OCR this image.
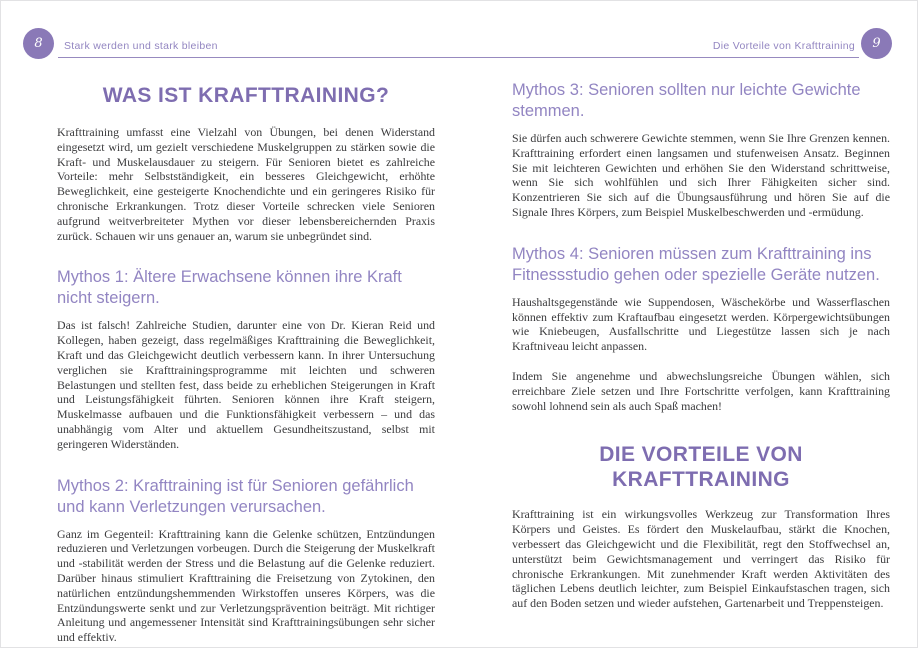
8 Stark werden und stark bleiben	Die Vorteile von Krafttraining 9
WAS IST KRAFTTRAINING?

Krafttraining umfasst eine Vielzahl von Übungen, bei denen Widerstand eingesetzt wird, um gezielt verschiedene Muskelgruppen zu stärken sowie die Kraft- und Muskelausdauer zu steigern. Für Senioren bietet es zahlreiche Vorteile: mehr Selbstständigkeit, ein besseres Gleichgewicht, erhöhte Beweglichkeit, eine gesteigerte Knochendichte und ein geringeres Risiko für chronische Erkrankungen. Trotz dieser Vorteile schrecken viele Senioren aufgrund weitverbreiteter Mythen vor dieser lebensbereichernden Praxis zurück. Schauen wir uns genauer an, warum sie unbegründet sind.

Mythos 1: Ältere Erwachsene können ihre Kraft nicht steigern.

Das ist falsch! Zahlreiche Studien, darunter eine von Dr. Kieran Reid und Kollegen, haben gezeigt, dass regelmäßiges Krafttraining die Beweglichkeit, Kraft und das Gleichgewicht deutlich verbessern kann. In ihrer Untersuchung verglichen sie Krafttrainingsprogramme mit leichten und schweren Belastungen und stellten fest, dass beide zu erheblichen Steigerungen in Kraft und Leistungsfähigkeit führten. Senioren können ihre Kraft steigern, Muskelmasse aufbauen und die Funktionsfähigkeit verbessern – und das unabhängig vom Alter und aktuellem Gesundheitszustand, selbst mit geringeren Widerständen.

Mythos 2: Krafttraining ist für Senioren gefährlich und kann Verletzungen verursachen.

Ganz im Gegenteil: Krafttraining kann die Gelenke schützen, Entzündungen reduzieren und Verletzungen vorbeugen. Durch die Steigerung der Muskelkraft und -stabilität werden der Stress und die Belastung auf die Gelenke reduziert. Darüber hinaus stimuliert Krafttraining die Freisetzung von Zytokinen, den natürlichen entzündungshemmenden Wirkstoffen unseres Körpers, was die Entzündungswerte senkt und zur Verletzungsprävention beiträgt. Mit richtiger Anleitung und angemessener Intensität sind Krafttrainingsübungen sehr sicher und effektiv.

Mythos 3: Senioren sollten nur leichte Gewichte stemmen.

Sie dürfen auch schwerere Gewichte stemmen, wenn Sie Ihre Grenzen kennen. Krafttraining erfordert einen langsamen und stufenweisen Ansatz. Beginnen Sie mit leichteren Gewichten und erhöhen Sie den Widerstand schrittweise, wenn Sie sich wohlfühlen und sich Ihrer Fähigkeiten sicher sind. Konzentrieren Sie sich auf die Übungsausführung und hören Sie auf die Signale Ihres Körpers, zum Beispiel Muskelbeschwerden und -ermüdung.

Mythos 4: Senioren müssen zum Krafttraining ins Fitnessstudio gehen oder spezielle Geräte nutzen.

Haushaltsgegenstände wie Suppendosen, Wäschekörbe und Wasserflaschen können effektiv zum Kraftaufbau eingesetzt werden. Körpergewichtsübungen wie Kniebeugen, Ausfallschritte und Liegestütze lassen sich je nach Kraftniveau leicht anpassen.

Indem Sie angenehme und abwechslungsreiche Übungen wählen, sich erreichbare Ziele setzen und Ihre Fortschritte verfolgen, kann Krafttraining sowohl lohnend sein als auch Spaß machen!

DIE VORTEILE VON KRAFTTRAINING

Krafttraining ist ein wirkungsvolles Werkzeug zur Transformation Ihres Körpers und Geistes. Es fördert den Muskelaufbau, stärkt die Knochen, verbessert das Gleichgewicht und die Flexibilität, regt den Stoffwechsel an, unterstützt beim Gewichtsmanagement und verringert das Risiko für chronische Erkrankungen. Mit zunehmender Kraft werden Aktivitäten des täglichen Lebens deutlich leichter, zum Beispiel Einkaufstaschen tragen, sich auf den Boden setzen und wieder aufstehen, Gartenarbeit und Treppensteigen.
